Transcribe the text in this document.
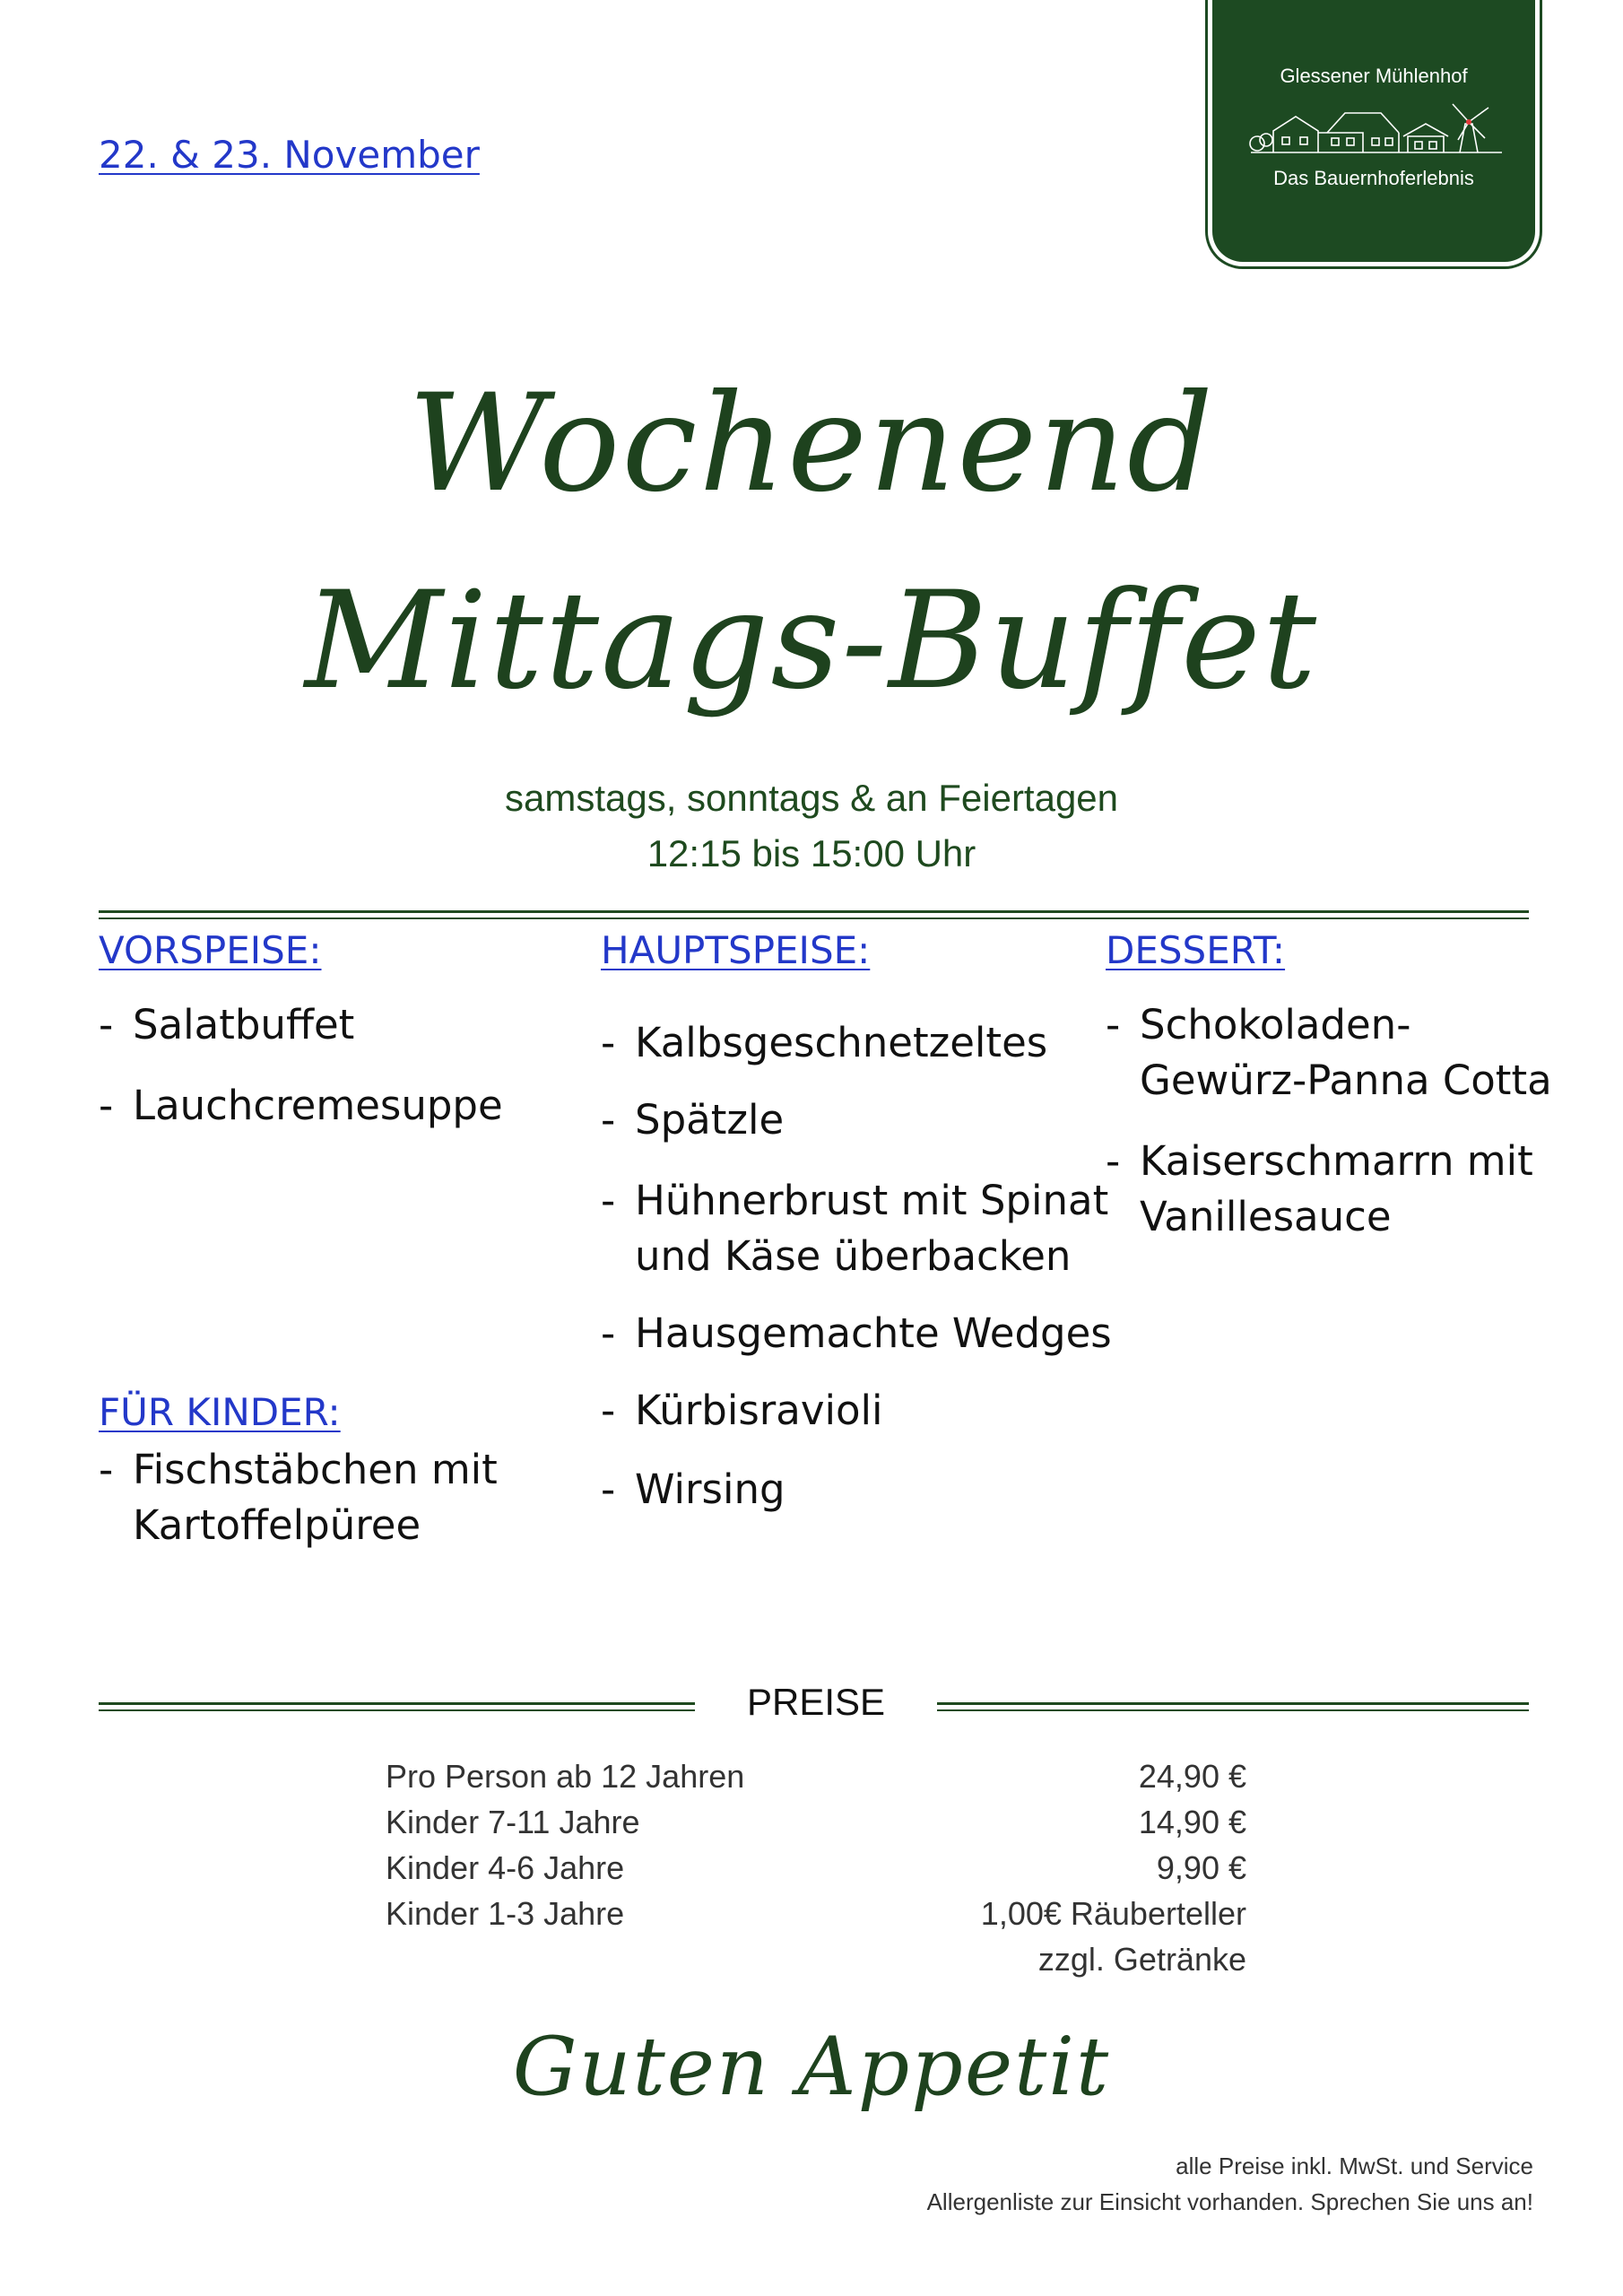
22. & 23. November
Glessener Mühlenhof
Das Bauernhoferlebnis
Wochenend
Mittags-Buffet
samstags, sonntags & an Feiertagen
12:15 bis 15:00 Uhr
VORSPEISE:	HAUPTSPEISE:	DESSERT:
- Salatbuffet
- Lauchcremesuppe
- Kalbsgeschnetzeltes
- Spätzle
- Hühnerbrust mit Spinat
und Käse überbacken
- Hausgemachte Wedges
- Kürbisravioli
- Wirsing
- Schokoladen-
Gewürz-Panna Cotta
- Kaiserschmarrn mit
Vanillesauce
FÜR KINDER:
- Fischstäbchen mit
Kartoffelpüree
PREISE
Pro Person ab 12 Jahren	24,90 €
Kinder 7-11 Jahre	14,90 €
Kinder 4-6 Jahre	9,90 €
Kinder 1-3 Jahre	1,00€ Räuberteller
zzgl. Getränke
Guten Appetit
alle Preise inkl. MwSt. und Service
Allergenliste zur Einsicht vorhanden. Sprechen Sie uns an!
